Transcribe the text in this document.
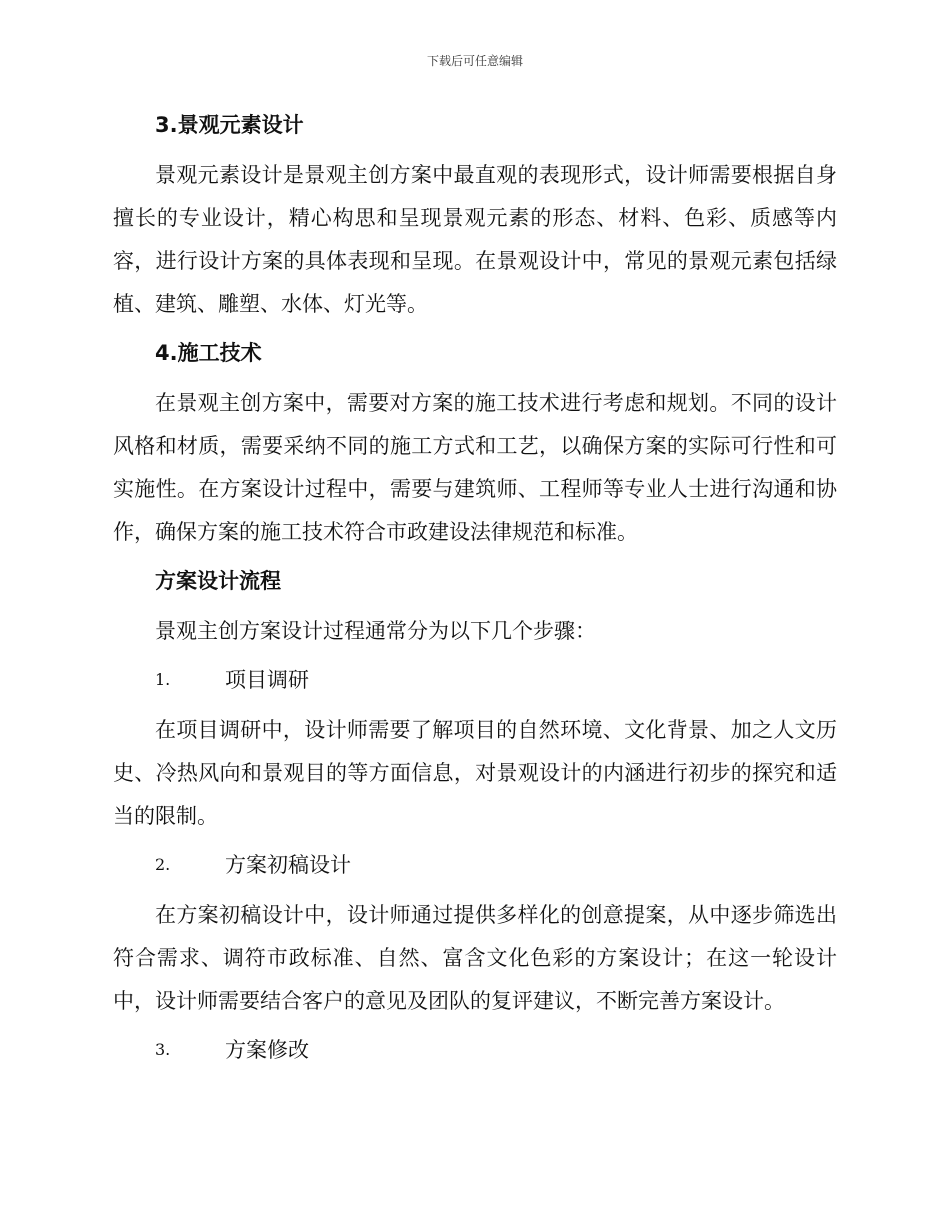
下载后可任意编辑
3.景观元素设计
景观元素设计是景观主创方案中最直观的表现形式，设计师需要根据自身擅长的专业设计，精心构思和呈现景观元素的形态、材料、色彩、质感等内容，进行设计方案的具体表现和呈现。在景观设计中，常见的景观元素包括绿植、建筑、雕塑、水体、灯光等。
4.施工技术
在景观主创方案中，需要对方案的施工技术进行考虑和规划。不同的设计风格和材质，需要采纳不同的施工方式和工艺，以确保方案的实际可行性和可实施性。在方案设计过程中，需要与建筑师、工程师等专业人士进行沟通和协作，确保方案的施工技术符合市政建设法律规范和标准。
方案设计流程
景观主创方案设计过程通常分为以下几个步骤：
1.	项目调研
在项目调研中，设计师需要了解项目的自然环境、文化背景、加之人文历史、冷热风向和景观目的等方面信息，对景观设计的内涵进行初步的探究和适当的限制。
2.	方案初稿设计
在方案初稿设计中，设计师通过提供多样化的创意提案，从中逐步筛选出符合需求、调符市政标准、自然、富含文化色彩的方案设计；在这一轮设计中，设计师需要结合客户的意见及团队的复评建议，不断完善方案设计。
3.	方案修改
